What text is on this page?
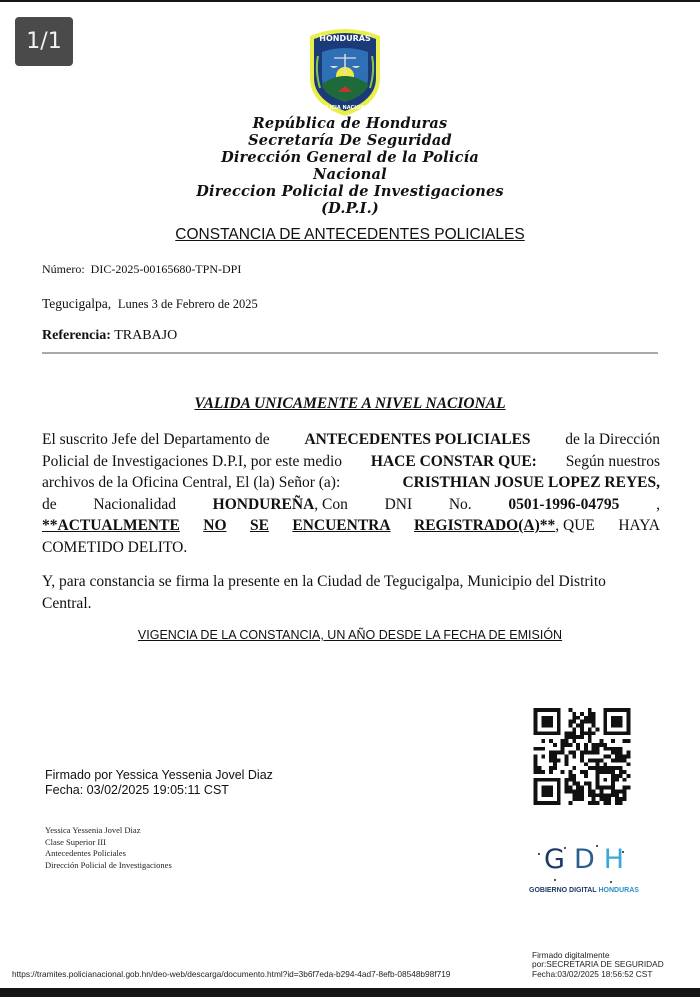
1/1	HONDURAS
POLICIA NACIONAL
República de Honduras
Secretaría De Seguridad
Dirección General de la Policía Nacional
Direccion Policial de Investigaciones
(D.P.I.)
CONSTANCIA DE ANTECEDENTES POLICIALES
Número: DIC-2025-00165680-TPN-DPI
Tegucigalpa, Lunes 3 de Febrero de 2025
Referencia: TRABAJO
VALIDA UNICAMENTE A NIVEL NACIONAL
El suscrito Jefe del Departamento de ANTECEDENTES POLICIALES de la Dirección
Policial de Investigaciones D.P.I, por este medio HACE CONSTAR QUE: Según nuestros
archivos de la Oficina Central, El (la) Señor (a):	CRISTHIAN JOSUE LOPEZ REYES,
de Nacionalidad HONDUREÑA, Con DNI No. 0501-1996-04795 ,
**ACTUALMENTE NO SE ENCUENTRA REGISTRADO(A)**, QUE HAYA
COMETIDO DELITO.
Y, para constancia se firma la presente en la Ciudad de Tegucigalpa, Municipio del Distrito
Central.
VIGENCIA DE LA CONSTANCIA, UN AÑO DESDE LA FECHA DE EMISIÓN
Firmado por Yessica Yessenia Jovel Diaz
Fecha: 03/02/2025 19:05:11 CST
Yessica Yessenia Jovel Diaz
Clase Superior III
Antecedentes Policiales
Dirección Policial de Investigaciones	GDH
GOBIERNO DIGITAL HONDURAS
https://tramites.policianacional.gob.hn/deo-web/descarga/documento.html?id=3b6f7eda-b294-4ad7-8efb-08548b98f719
Firmado digitalmente
por:SECRETARIA DE SEGURIDAD
Fecha:03/02/2025 18:56:52 CST
